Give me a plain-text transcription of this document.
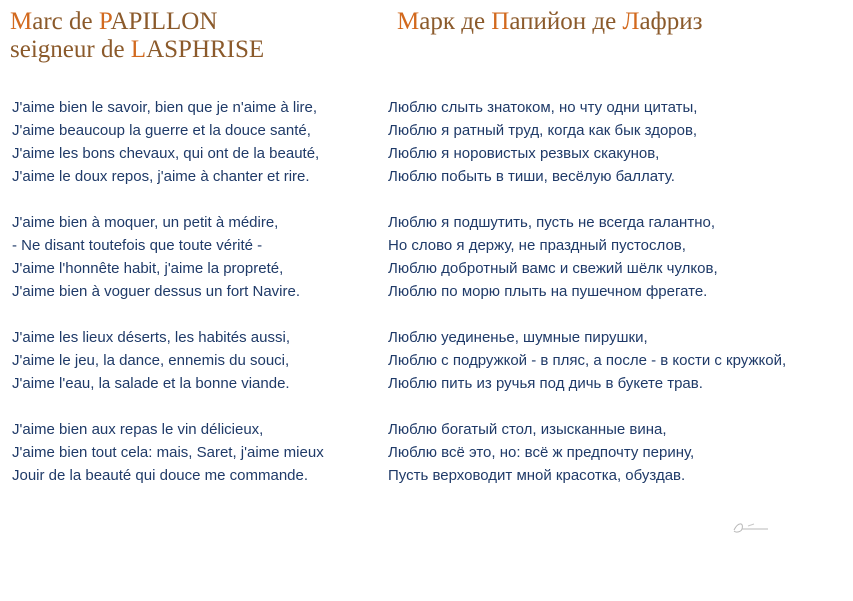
Marc de PAPILLON
seigneur de LASPHRISE
Марк де Папийон де Лафриз
J'aime bien le savoir, bien que je n'aime à lire,
J'aime beaucoup la guerre et la douce santé,
J'aime les bons chevaux, qui ont de la beauté,
J'aime le doux repos, j'aime à chanter et rire.
J'aime bien à moquer, un petit à médire,
- Ne disant toutefois que toute vérité -
J'aime l'honnête habit, j'aime la propreté,
J'aime bien à voguer dessus un fort Navire.
J'aime les lieux déserts, les habités aussi,
J'aime le jeu, la dance, ennemis du souci,
J'aime l'eau, la salade et la bonne viande.
J'aime bien aux repas le vin délicieux,
J'aime bien tout cela: mais, Saret, j'aime mieux
Jouir de la beauté qui douce me commande.
Люблю слыть знатоком, но чту одни цитаты,
Люблю я ратный труд, когда как бык здоров,
Люблю я норовистых резвых скакунов,
Люблю побыть в тиши, весёлую баллату.
Люблю я подшутить, пусть не всегда галантно,
Но слово я держу, не праздный пустослов,
Люблю добротный вамс и свежий шёлк чулков,
Люблю по морю плыть на пушечном фрегате.
Люблю уединенье, шумные пирушки,
Люблю с подружкой - в пляс, а после - в кости с кружкой,
Люблю пить из ручья под дичь в букете трав.
Люблю богатый стол, изысканные вина,
Люблю всё это, но: всё ж предпочту перину,
Пусть верховодит мной красотка, обуздав.
